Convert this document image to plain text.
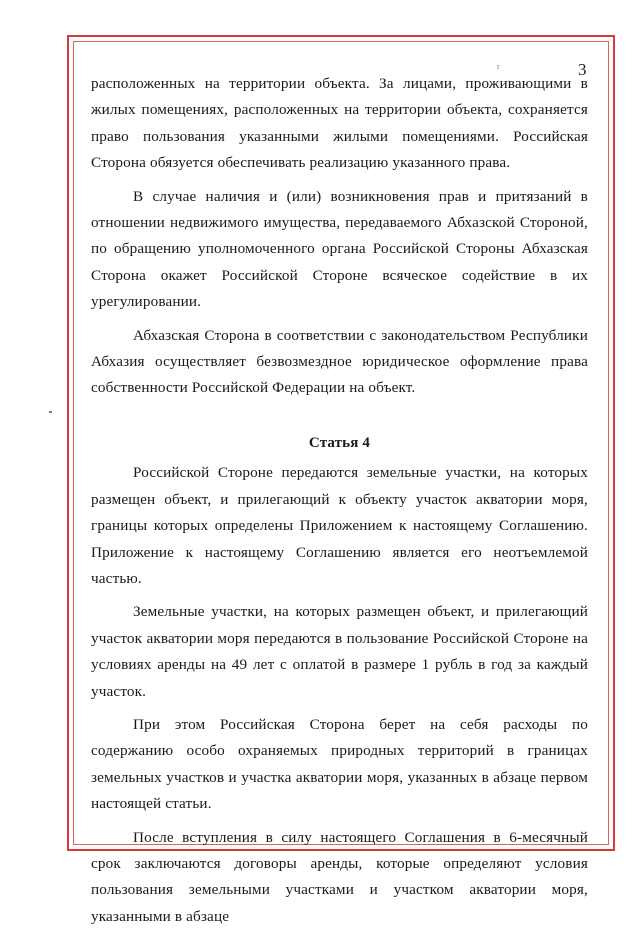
г	3

расположенных на территории объекта. За лицами, проживающими в жилых помещениях, расположенных на территории объекта, сохраняется право пользования указанными жилыми помещениями. Российская Сторона обязуется обеспечивать реализацию указанного права.

В случае наличия и (или) возникновения прав и притязаний в отношении недвижимого имущества, передаваемого Абхазской Стороной, по обращению уполномоченного органа Российской Стороны Абхазская Сторона окажет Российской Стороне всяческое содействие в их урегулировании.

Абхазская Сторона в соответствии с законодательством Республики Абхазия осуществляет безвозмездное юридическое оформление права собственности Российской Федерации на объект.

Статья 4

Российской Стороне передаются земельные участки, на которых размещен объект, и прилегающий к объекту участок акватории моря, границы которых определены Приложением к настоящему Соглашению. Приложение к настоящему Соглашению является его неотъемлемой частью.

Земельные участки, на которых размещен объект, и прилегающий участок акватории моря передаются в пользование Российской Стороне на условиях аренды на 49 лет с оплатой в размере 1 рубль в год за каждый участок.

При этом Российская Сторона берет на себя расходы по содержанию особо охраняемых природных территорий в границах земельных участков и участка акватории моря, указанных в абзаце первом настоящей статьи.

После вступления в силу настоящего Соглашения в 6-месячный срок заключаются договоры аренды, которые определяют условия пользования земельными участками и участком акватории моря, указанными в абзаце
